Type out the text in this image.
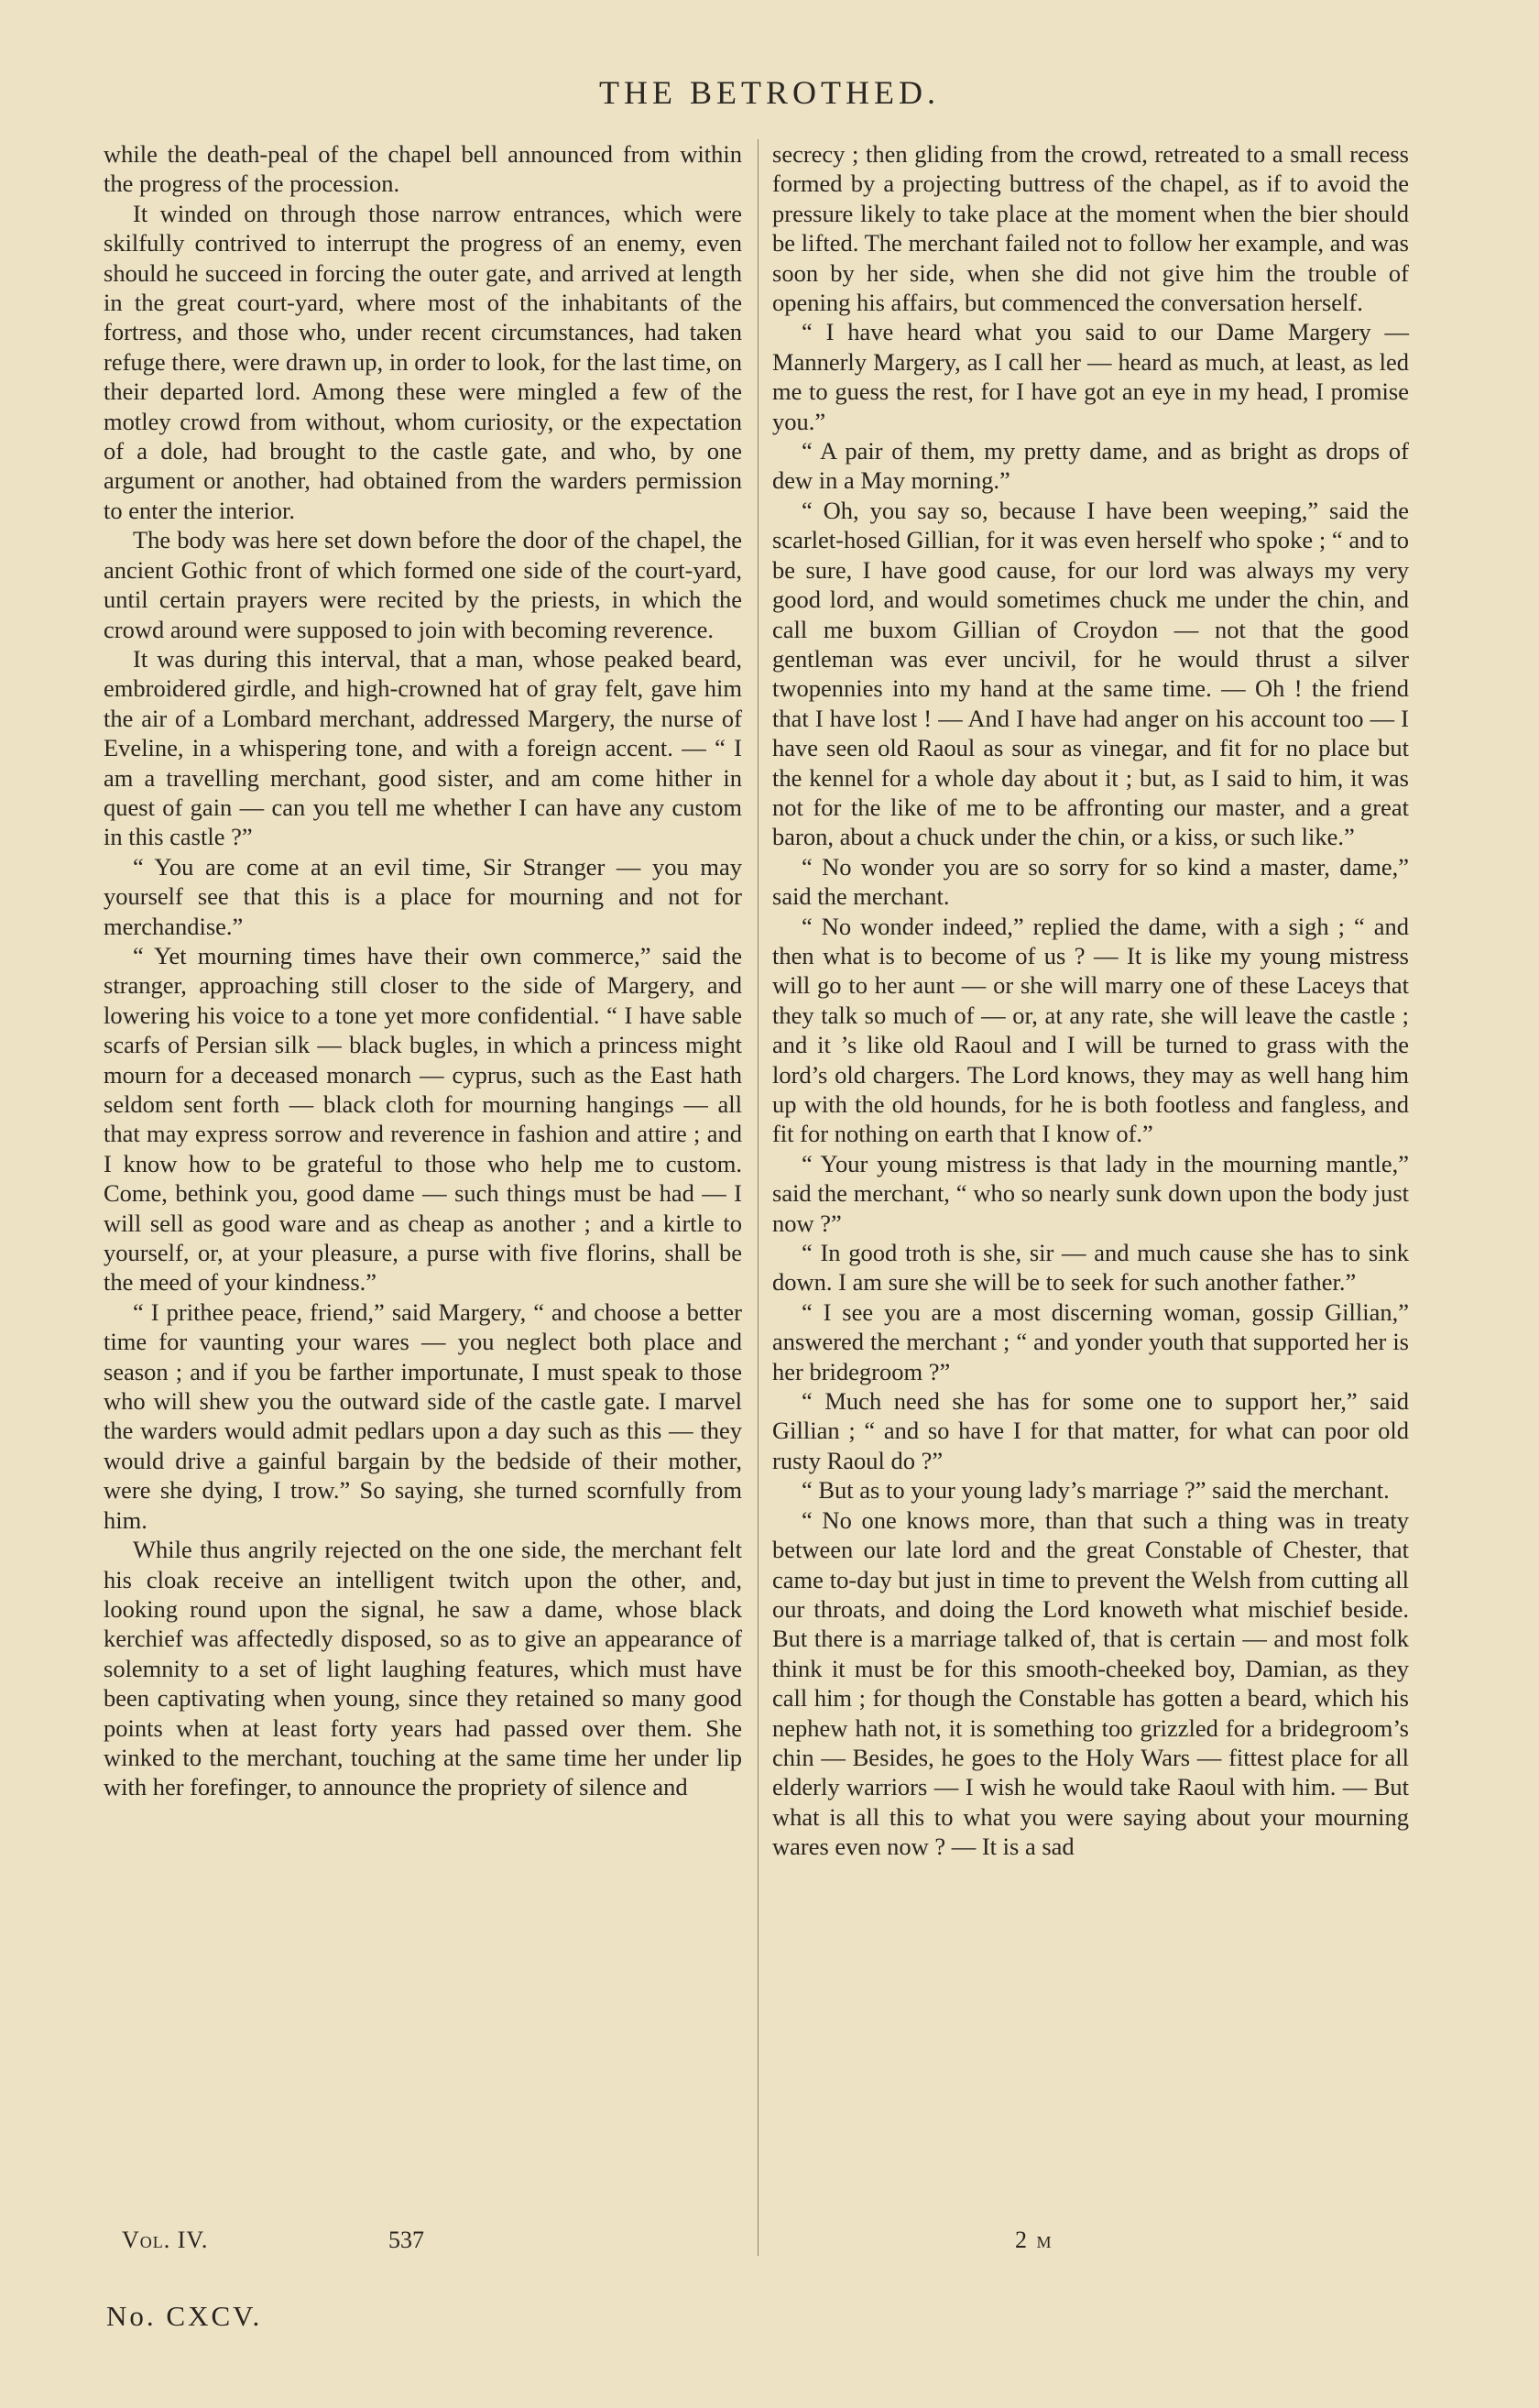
THE BETROTHED.

while the death-peal of the chapel bell announced from within the progress of the procession.

It winded on through those narrow entrances, which were skilfully contrived to interrupt the progress of an enemy, even should he succeed in forcing the outer gate, and arrived at length in the great court-yard, where most of the inhabitants of the fortress, and those who, under recent circumstances, had taken refuge there, were drawn up, in order to look, for the last time, on their departed lord. Among these were mingled a few of the motley crowd from without, whom curiosity, or the expectation of a dole, had brought to the castle gate, and who, by one argument or another, had obtained from the warders permission to enter the interior.

The body was here set down before the door of the chapel, the ancient Gothic front of which formed one side of the court-yard, until certain prayers were recited by the priests, in which the crowd around were supposed to join with becoming reverence.

It was during this interval, that a man, whose peaked beard, embroidered girdle, and high-crowned hat of gray felt, gave him the air of a Lombard merchant, addressed Margery, the nurse of Eveline, in a whispering tone, and with a foreign accent. — “ I am a travelling merchant, good sister, and am come hither in quest of gain — can you tell me whether I can have any custom in this castle ?”

“ You are come at an evil time, Sir Stranger — you may yourself see that this is a place for mourning and not for merchandise.”

“ Yet mourning times have their own commerce,” said the stranger, approaching still closer to the side of Margery, and lowering his voice to a tone yet more confidential. “ I have sable scarfs of Persian silk — black bugles, in which a princess might mourn for a deceased monarch — cyprus, such as the East hath seldom sent forth — black cloth for mourning hangings — all that may express sorrow and reverence in fashion and attire ; and I know how to be grateful to those who help me to custom. Come, bethink you, good dame — such things must be had — I will sell as good ware and as cheap as another ; and a kirtle to yourself, or, at your pleasure, a purse with five florins, shall be the meed of your kindness.”

“ I prithee peace, friend,” said Margery, “ and choose a better time for vaunting your wares — you neglect both place and season ; and if you be farther importunate, I must speak to those who will shew you the outward side of the castle gate. I marvel the warders would admit pedlars upon a day such as this — they would drive a gainful bargain by the bedside of their mother, were she dying, I trow.” So saying, she turned scornfully from him.

While thus angrily rejected on the one side, the merchant felt his cloak receive an intelligent twitch upon the other, and, looking round upon the signal, he saw a dame, whose black kerchief was affectedly disposed, so as to give an appearance of solemnity to a set of light laughing features, which must have been captivating when young, since they retained so many good points when at least forty years had passed over them. She winked to the merchant, touching at the same time her under lip with her forefinger, to announce the propriety of silence and

secrecy ; then gliding from the crowd, retreated to a small recess formed by a projecting buttress of the chapel, as if to avoid the pressure likely to take place at the moment when the bier should be lifted. The merchant failed not to follow her example, and was soon by her side, when she did not give him the trouble of opening his affairs, but commenced the conversation herself.

“ I have heard what you said to our Dame Margery — Mannerly Margery, as I call her — heard as much, at least, as led me to guess the rest, for I have got an eye in my head, I promise you.”

“ A pair of them, my pretty dame, and as bright as drops of dew in a May morning.”

“ Oh, you say so, because I have been weeping,” said the scarlet-hosed Gillian, for it was even herself who spoke ; “ and to be sure, I have good cause, for our lord was always my very good lord, and would sometimes chuck me under the chin, and call me buxom Gillian of Croydon — not that the good gentleman was ever uncivil, for he would thrust a silver twopennies into my hand at the same time. — Oh ! the friend that I have lost ! — And I have had anger on his account too — I have seen old Raoul as sour as vinegar, and fit for no place but the kennel for a whole day about it ; but, as I said to him, it was not for the like of me to be affronting our master, and a great baron, about a chuck under the chin, or a kiss, or such like.”

“ No wonder you are so sorry for so kind a master, dame,” said the merchant.

“ No wonder indeed,” replied the dame, with a sigh ; “ and then what is to become of us ? — It is like my young mistress will go to her aunt — or she will marry one of these Laceys that they talk so much of — or, at any rate, she will leave the castle ; and it ’s like old Raoul and I will be turned to grass with the lord’s old chargers. The Lord knows, they may as well hang him up with the old hounds, for he is both footless and fangless, and fit for nothing on earth that I know of.”

“ Your young mistress is that lady in the mourning mantle,” said the merchant, “ who so nearly sunk down upon the body just now ?”

“ In good troth is she, sir — and much cause she has to sink down. I am sure she will be to seek for such another father.”

“ I see you are a most discerning woman, gossip Gillian,” answered the merchant ; “ and yonder youth that supported her is her bridegroom ?”

“ Much need she has for some one to support her,” said Gillian ; “ and so have I for that matter, for what can poor old rusty Raoul do ?”

“ But as to your young lady’s marriage ?” said the merchant.

“ No one knows more, than that such a thing was in treaty between our late lord and the great Constable of Chester, that came to-day but just in time to prevent the Welsh from cutting all our throats, and doing the Lord knoweth what mischief beside. But there is a marriage talked of, that is certain — and most folk think it must be for this smooth-cheeked boy, Damian, as they call him ; for though the Constable has gotten a beard, which his nephew hath not, it is something too grizzled for a bridegroom’s chin — Besides, he goes to the Holy Wars — fittest place for all elderly warriors — I wish he would take Raoul with him. — But what is all this to what you were saying about your mourning wares even now ? — It is a sad

Vol. IV.	537	2 m
No. CXCV.
